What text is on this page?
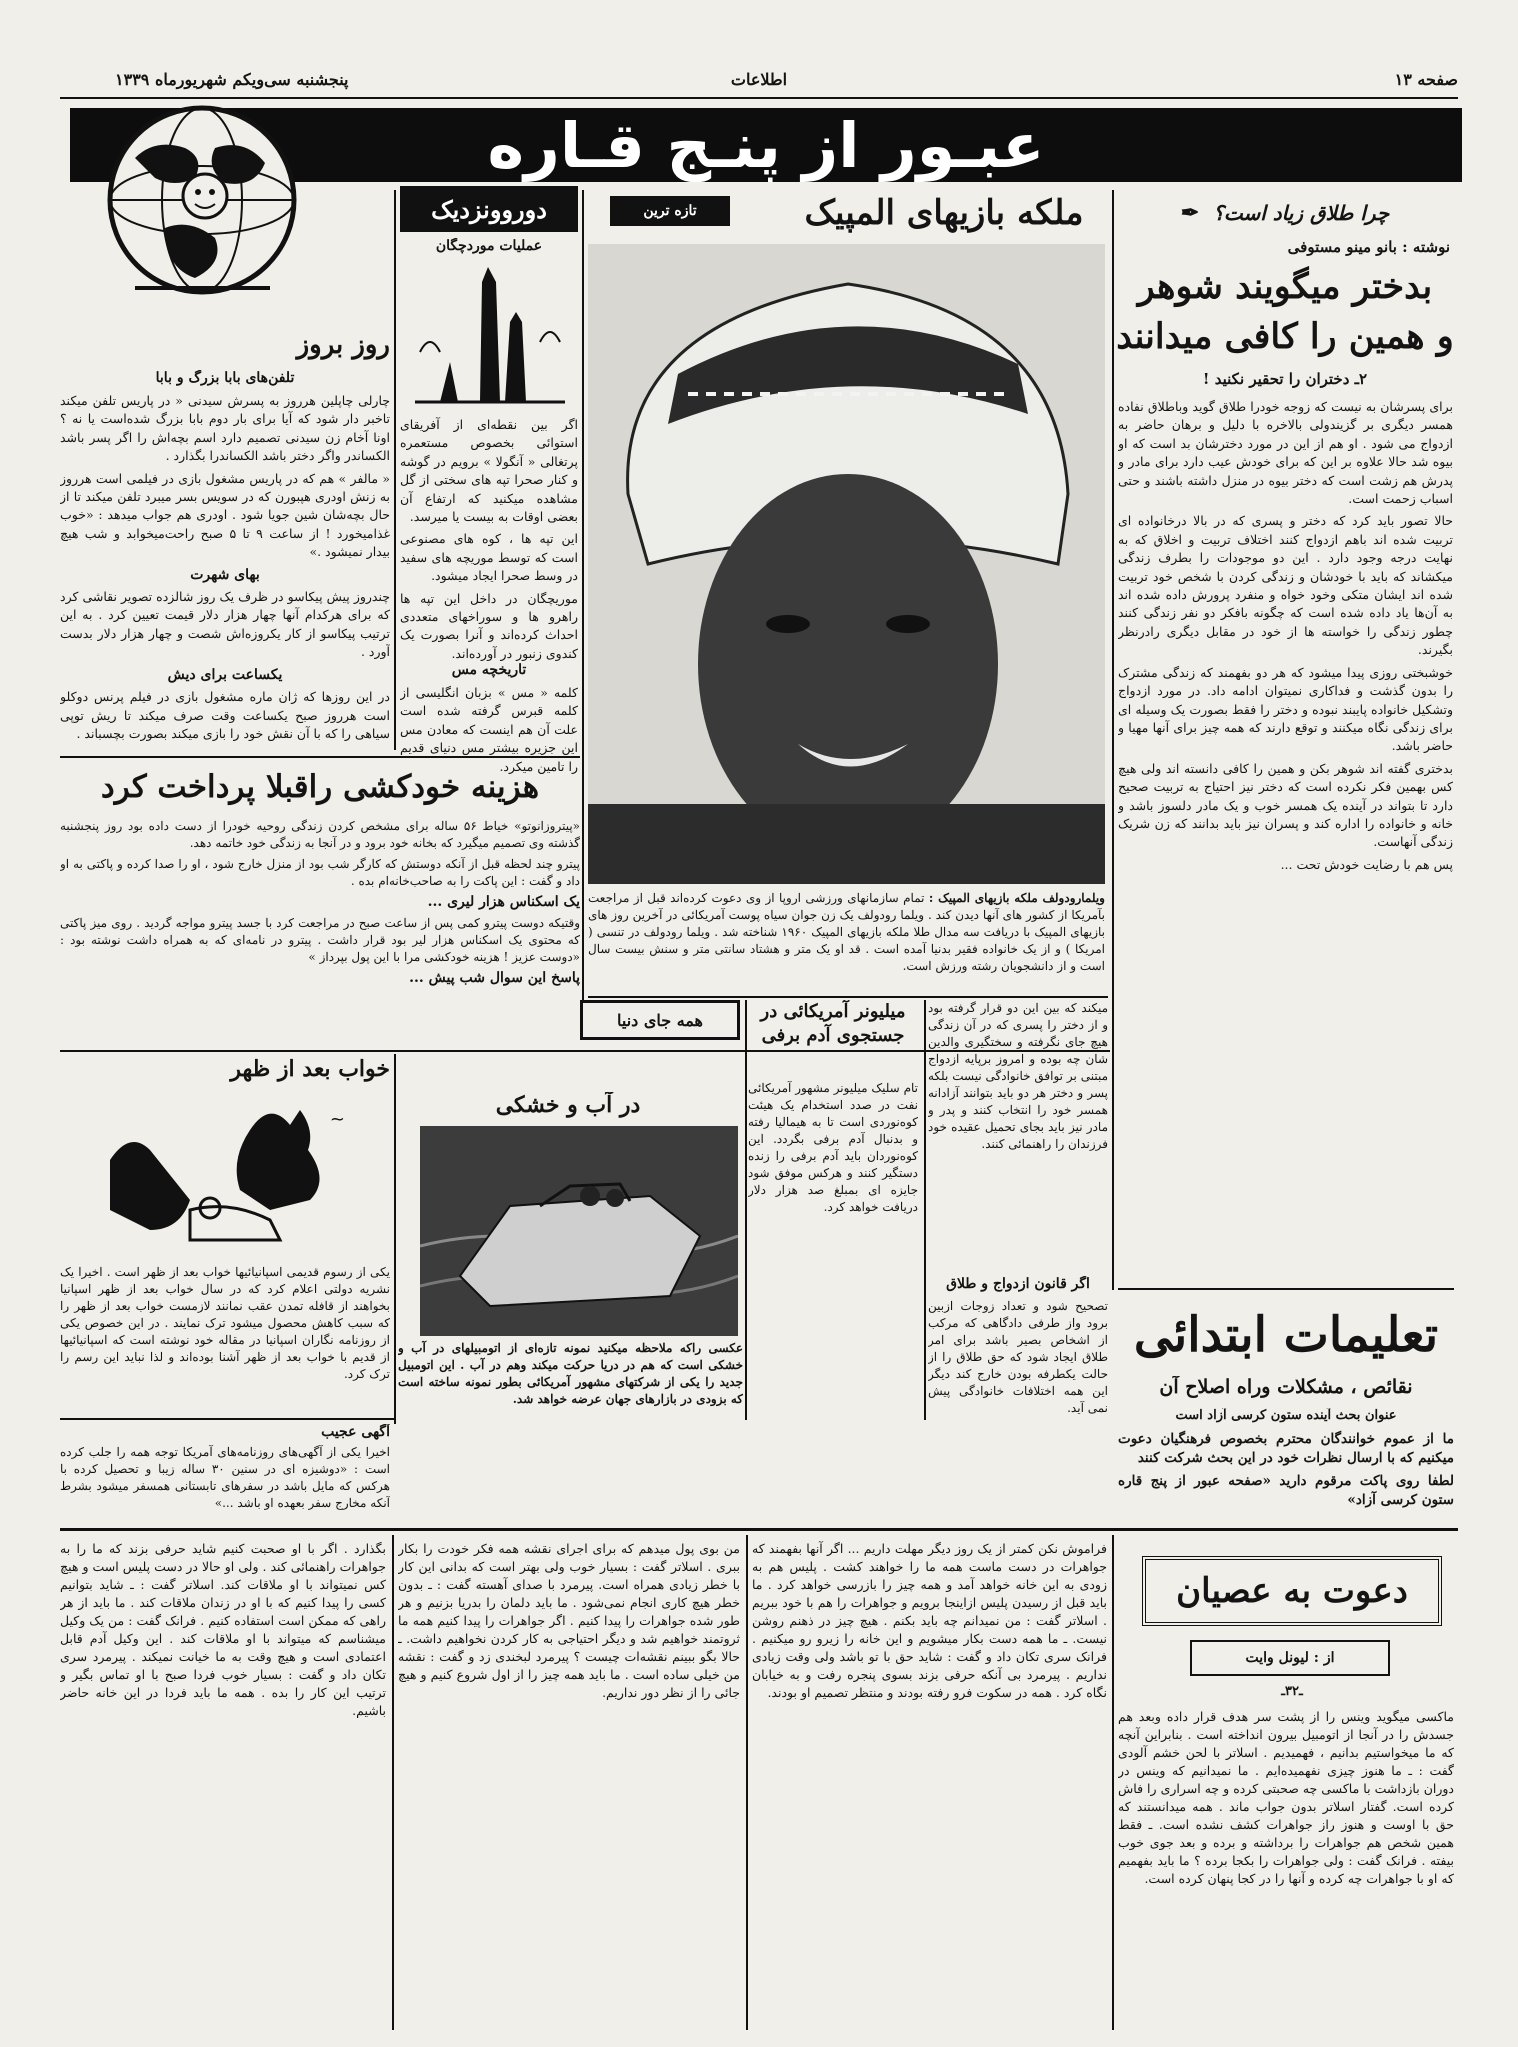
صفحه ۱۳
اطلاعات
پنجشنبه سی‌ویکم شهریورماه ۱۳۳۹
عبـور از پنـج قـاره
چرا طلاق زیاد است؟
✒
نوشته : بانو مینو مستوفی
بدختر میگویند شوهر
و همین را کافی میدانند
۲ـ دختران را تحقیر نکنید !

برای پسرشان به نیست که زوجه خودرا طلاق گوید وباطلاق نفاده همسر دیگری بر گزیندولی بالاخره با دلیل و برهان حاضر به ازدواج می شود . او هم از این در مورد دخترشان بد است که او بیوه شد حالا علاوه بر این که برای خودش عیب دارد برای مادر و پدرش هم زشت است که دختر بیوه در منزل داشته باشند و حتی اسباب زحمت است.

حالا تصور باید کرد که دختر و پسری که در بالا درخانواده ای تربیت شده اند باهم ازدواج کنند اختلاف تربیت و اخلاق که به نهایت درجه وجود دارد . این دو موجودات را بطرف زندگی میکشاند که باید با خودشان و زندگی کردن با شخص خود تربیت شده اند ایشان متکی وخود خواه و منفرد پرورش داده شده اند به آن‌ها یاد داده شده است که چگونه بافکر دو نفر زندگی کنند چطور زندگی را خواسته ها از خود در مقابل دیگری رادرنظر بگیرند.

خوشبختی روزی پیدا میشود که هر دو بفهمند که زندگی مشترک را بدون گذشت و فداکاری نمیتوان ادامه داد. در مورد ازدواج وتشکیل خانواده پایبند نبوده و دختر را فقط بصورت یک وسیله ای برای زندگی نگاه میکنند و توقع دارند که همه چیز برای آنها مهیا و حاضر باشد.

بدختری گفته اند شوهر بکن و همین را کافی دانسته اند ولی هیچ کس بهمین فکر نکرده است که دختر نیز احتیاج به تربیت صحیح دارد تا بتواند در آینده یک همسر خوب و یک مادر دلسوز باشد و خانه و خانواده را اداره کند و پسران نیز باید بدانند که زن شریک زندگی آنهاست.

پس هم با رضایت خودش تحت ...

تعلیمات ابتدائی
نقائص ، مشکلات وراه اصلاح آن
عنوان بحث آینده ستون کرسی آزاد است
ما از عموم خوانندگان محترم بخصوص فرهنگیان دعوت میکنیم که با ارسال نظرات خود در این بحث شرکت کنند
لطفا روی پاکت مرقوم دارید «صفحه عبور از پنج قاره ستون کرسی آزاد»
ملکه بازیهای المپیک
تازه ترین
ویلمارودولف ملکه بازیهای المپیک : تمام سازمانهای ورزشی اروپا از وی دعوت کرده‌اند قبل از مراجعت بآمریکا از کشور های آنها دیدن کند . ویلما رودولف یک زن جوان سیاه پوست آمریکائی در آخرین روز های بازیهای المپیک با دریافت سه مدال طلا ملکه بازیهای المپیک ۱۹۶۰ شناخته شد . ویلما رودولف در تنسی ( امریکا ) و از یک خانواده فقیر بدنیا آمده است . قد او یک متر و هشتاد سانتی متر و سنش بیست سال است و از دانشجویان رشته ورزش است.
دوروونزدیک
عملیات موردچگان

اگر بین نقطه‌ای از آفریقای استوائی بخصوص مستعمره پرتغالی « آنگولا » برویم در گوشه و کنار صحرا تپه های سختی از گل مشاهده میکنید که ارتفاع آن بعضی اوقات به بیست یا میرسد.

این تپه ها ، کوه های مصنوعی است که توسط موریچه های سفید در وسط صحرا ایجاد میشود.

موریچگان در داخل این تپه ها راهرو ها و سوراخهای متعددی احداث کرده‌اند و آنرا بصورت یک کندوی زنبور در آورده‌اند.

تاریخچه مس

کلمه « مس » بزبان انگلیسی از کلمه قبرس گرفته شده است علت آن هم اینست که معادن مس این جزیره بیشتر مس دنیای قدیم را تامین میکرد.

روز بروز
تلفن‌های بابا بزرگ و بابا

چارلی چاپلین هرروز به پسرش سیدنی « در پاریس تلفن میکند تاخبر دار شود که آیا برای بار دوم بابا بزرگ شده‌است یا نه ؟ اونا آخام زن سیدنی تصمیم دارد اسم بچه‌اش را اگر پسر باشد الکساندر واگر دختر باشد الکساندرا بگذارد .

« مالفر » هم که در پاریس مشغول بازی در فیلمی است هرروز به زنش اودری هپبورن که در سویس بسر میبرد تلفن میکند تا از حال بچه‌شان شین جویا شود . اودری هم جواب میدهد : «خوب غذامیخورد ! از ساعت ۹ تا ۵ صبح راحت‌میخوابد و شب هیچ بیدار نمیشود .»

بهای شهرت

چندروز پیش پیکاسو در ظرف یک روز شالزده تصویر نقاشی کرد که برای هرکدام آنها چهار هزار دلار قیمت تعیین کرد . به این ترتیب پیکاسو از کار یکروزه‌اش شصت و چهار هزار دلار بدست آورد .

یکساعت برای دیش

در این روزها که ژان ماره مشغول بازی در فیلم پرنس دوکلو است هرروز صبح یکساعت وقت صرف میکند تا ریش توپی سیاهی را که با آن نقش خود را بازی میکند بصورت بچسباند .

هزینه خودکشی راقبلا پرداخت کرد

«پیتروزانوتو» خیاط ۵۶ ساله برای مشخص کردن زندگی روحیه خودرا از دست داده بود روز پنجشنبه گذشته وی تصمیم میگیرد که بخانه خود برود و در آنجا به زندگی خود خاتمه دهد.

پیترو چند لحظه قبل از آنکه دوستش که کارگر شب بود از منزل خارج شود ، او را صدا کرده و پاکتی به او داد و گفت : این پاکت را به صاحب‌خانه‌ام بده .

یک اسکناس هزار لیری ...

وقتیکه دوست پیترو کمی پس از ساعت صبح در مراجعت کرد با جسد پیترو مواجه گردید . روی میز پاکتی که محتوی یک اسکناس هزار لیر بود قرار داشت . پیترو در نامه‌ای که به همراه داشت نوشته بود : «دوست عزیز ! هزینه خودکشی مرا با این پول بپرداز »

پاسخ این سوال شب پیش ...
خواب بعد از ظهر
~
یکی از رسوم قدیمی اسپانیائیها خواب بعد از ظهر است . اخیرا یک نشریه دولتی اعلام کرد که در سال خواب بعد از ظهر اسپانیا بخواهند از قافله تمدن عقب نمانند لازمست خواب بعد از ظهر را که سبب کاهش محصول میشود ترک نمایند . در این خصوص یکی از روزنامه نگاران اسپانیا در مقاله خود نوشته است که اسپانیائیها از قدیم با خواب بعد از ظهر آشنا بوده‌اند و لذا نباید این رسم را ترک کرد.
آگهی عجیب
اخیرا یکی از آگهی‌های روزنامه‌های آمریکا توجه همه را جلب کرده است : «دوشیزه ای در سنین ۳۰ ساله زیبا و تحصیل کرده با هرکس که مایل باشد در سفرهای تابستانی همسفر میشود بشرط آنکه مخارج سفر بعهده او باشد ...»
در آب و خشکی
عکسی راکه ملاحظه میکنید نمونه تازه‌ای از اتومبیلهای در آب و خشکی است که هم در دریا حرکت میکند وهم در آب . این اتومبیل جدید را یکی از شرکتهای مشهور آمریکائی بطور نمونه ساخته است که بزودی در بازارهای جهان عرضه خواهد شد.
همه جای دنیا	میلیونر آمریکائی در جستجوی آدم برفی
تام سلیک میلیونر مشهور آمریکائی نفت در صدد استخدام یک هیئت کوه‌نوردی است تا به هیمالیا رفته و بدنبال آدم برفی بگردد. این کوه‌نوردان باید آدم برفی را زنده دستگیر کنند و هرکس موفق شود جایزه ای بمبلغ صد هزار دلار دریافت خواهد کرد.
میکند که بین این دو قرار گرفته بود و از دختر را پسری که در آن زندگی هیچ جای نگرفته و سختگیری والدین شان چه بوده و امروز برپایه ازدواج مبتنی بر توافق خانوادگی نیست بلکه پسر و دختر هر دو باید بتوانند آزادانه همسر خود را انتخاب کنند و پدر و مادر نیز باید بجای تحمیل عقیده خود فرزندان را راهنمائی کنند.
اگر قانون ازدواج و طلاق
تصحیح شود و تعداد زوجات ازبین برود واز طرفی دادگاهی که مرکب از اشخاص بصیر باشد برای امر طلاق ایجاد شود که حق طلاق را از حالت یکطرفه بودن خارج کند دیگر این همه اختلافات خانوادگی پیش نمی آید.
دعوت به عصیان
از : لیونل وایت
ـ۳۲ـ
ماکسی میگوید وینس را از پشت سر هدف قرار داده وبعد هم جسدش را در آنجا از اتومبیل بیرون انداخته است . بنابراین آنچه که ما میخواستیم بدانیم ، فهمیدیم . اسلاتر با لحن خشم آلودی گفت : ـ ما هنوز چیزی نفهمیده‌ایم . ما نمیدانیم که وینس در دوران بازداشت با ماکسی چه صحبتی کرده و چه اسراری را فاش کرده است. گفتار اسلاتر بدون جواب ماند . همه میدانستند که حق با اوست و هنوز راز جواهرات کشف نشده است. ـ فقط همین شخص هم جواهرات را برداشته و برده و بعد جوی خوب بیفته . فرانک گفت : ولی جواهرات را بکجا برده ؟ ما باید بفهمیم که او با جواهرات چه کرده و آنها را در کجا پنهان کرده است.
فراموش نکن کمتر از یک روز دیگر مهلت داریم ... اگر آنها بفهمند که جواهرات در دست ماست همه ما را خواهند کشت . پلیس هم به زودی به این خانه خواهد آمد و همه چیز را بازرسی خواهد کرد . ما باید قبل از رسیدن پلیس ازاینجا برویم و جواهرات را هم با خود ببریم . اسلاتر گفت : من نمیدانم چه باید بکنم . هیچ چیز در ذهنم روشن نیست. ـ ما همه دست بکار میشویم و این خانه را زیرو رو میکنیم . فرانک سری تکان داد و گفت : شاید حق با تو باشد ولی وقت زیادی نداریم . پیرمرد بی آنکه حرفی بزند بسوی پنجره رفت و به خیابان نگاه کرد . همه در سکوت فرو رفته بودند و منتظر تصمیم او بودند.
من بوی پول میدهم که برای اجرای نقشه همه فکر خودت را بکار ببری . اسلاتر گفت : بسیار خوب ولی بهتر است که بدانی این کار با خطر زیادی همراه است. پیرمرد با صدای آهسته گفت : ـ بدون خطر هیچ کاری انجام نمی‌شود . ما باید دلمان را بدریا بزنیم و هر طور شده جواهرات را پیدا کنیم . اگر جواهرات را پیدا کنیم همه ما ثروتمند خواهیم شد و دیگر احتیاجی به کار کردن نخواهیم داشت. ـ حالا بگو ببینم نقشه‌ات چیست ؟ پیرمرد لبخندی زد و گفت : نقشه من خیلی ساده است . ما باید همه چیز را از اول شروع کنیم و هیچ جائی را از نظر دور نداریم.
بگذارد . اگر با او صحبت کنیم شاید حرفی بزند که ما را به جواهرات راهنمائی کند . ولی او حالا در دست پلیس است و هیچ کس نمیتواند با او ملاقات کند. اسلاتر گفت : ـ شاید بتوانیم کسی را پیدا کنیم که با او در زندان ملاقات کند . ما باید از هر راهی که ممکن است استفاده کنیم . فرانک گفت : من یک وکیل میشناسم که میتواند با او ملاقات کند . این وکیل آدم قابل اعتمادی است و هیچ وقت به ما خیانت نمیکند . پیرمرد سری تکان داد و گفت : بسیار خوب فردا صبح با او تماس بگیر و ترتیب این کار را بده . همه ما باید فردا در این خانه حاضر باشیم.
